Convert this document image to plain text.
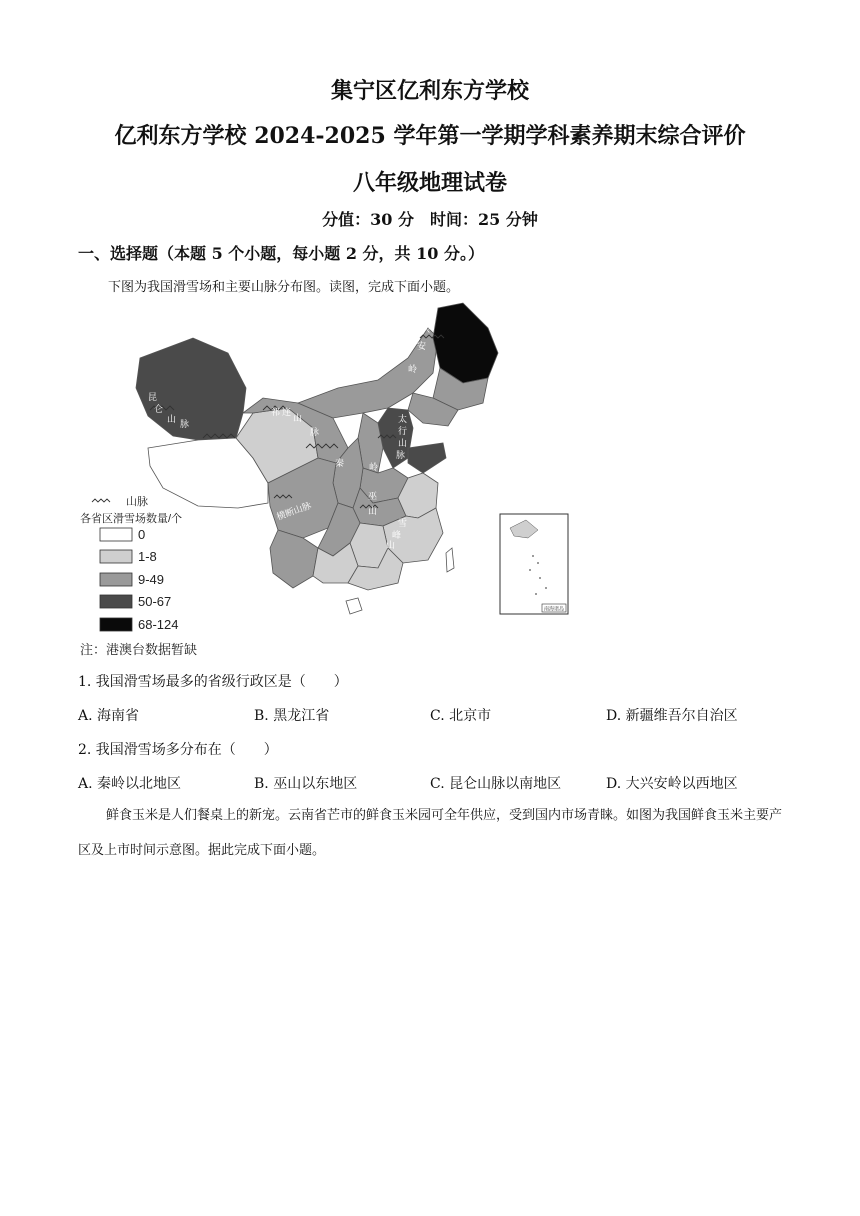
集宁区亿利东方学校
亿利东方学校 2024-2025 学年第一学期学科素养期末综合评价
八年级地理试卷
分值：30 分　时间：25 分钟
一、选择题（本题 5 个小题，每小题 2 分，共 10 分。）
下图为我国滑雪场和主要山脉分布图。读图，完成下面小题。
大
兴
安
岭
昆
仑
山 脉
祁 连
山
脉
太
行
山
脉
秦	岭
横断山脉
巫
山
雪
峰
山
南海诸岛
山脉
各省区滑雪场数量/个
0
1-8
9-49
50-67
68-124
注：港澳台数据暂缺
1. 我国滑雪场最多的省级行政区是（　　）
A. 海南省	B. 黑龙江省	C. 北京市	D. 新疆维吾尔自治区
2. 我国滑雪场多分布在（　　）
A. 秦岭以北地区	B. 巫山以东地区	C. 昆仑山脉以南地区	D. 大兴安岭以西地区
鲜食玉米是人们餐桌上的新宠。云南省芒市的鲜食玉米园可全年供应，受到国内市场青睐。如图为我国鲜食玉米主要产区及上市时间示意图。据此完成下面小题。
